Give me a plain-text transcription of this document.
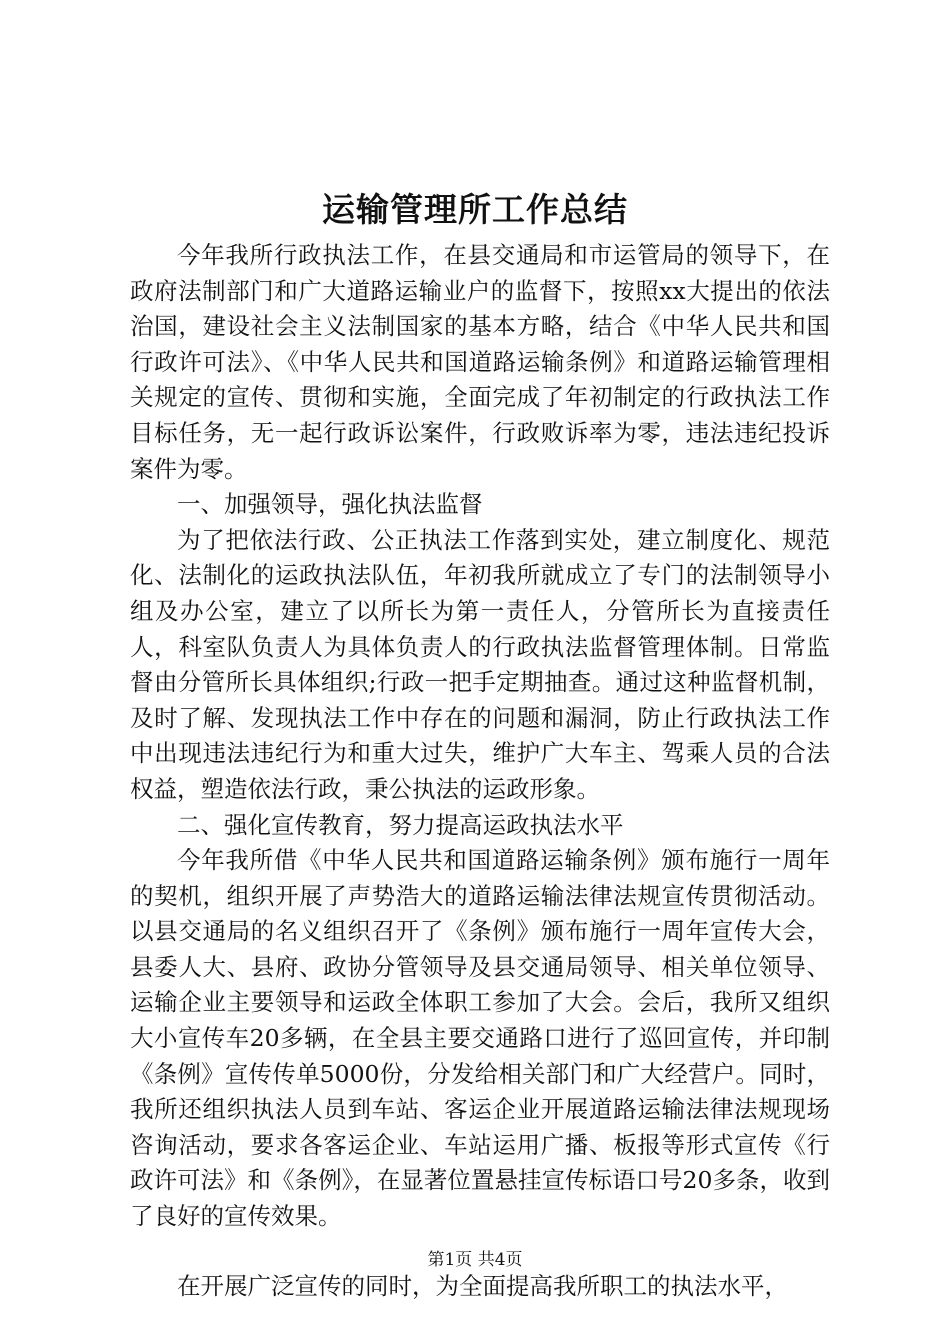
运输管理所工作总结

今年我所行政执法工作，在县交通局和市运管局的领导下，在政府法制部门和广大道路运输业户的监督下，按照xx大提出的依法治国，建设社会主义法制国家的基本方略，结合《中华人民共和国行政许可法》、《中华人民共和国道路运输条例》和道路运输管理相关规定的宣传、贯彻和实施，全面完成了年初制定的行政执法工作目标任务，无一起行政诉讼案件，行政败诉率为零，违法违纪投诉案件为零。

一、加强领导，强化执法监督

为了把依法行政、公正执法工作落到实处，建立制度化、规范化、法制化的运政执法队伍，年初我所就成立了专门的法制领导小组及办公室，建立了以所长为第一责任人，分管所长为直接责任人，科室队负责人为具体负责人的行政执法监督管理体制。日常监督由分管所长具体组织;行政一把手定期抽查。通过这种监督机制，及时了解、发现执法工作中存在的问题和漏洞，防止行政执法工作中出现违法违纪行为和重大过失，维护广大车主、驾乘人员的合法权益，塑造依法行政，秉公执法的运政形象。

二、强化宣传教育，努力提高运政执法水平

今年我所借《中华人民共和国道路运输条例》颁布施行一周年的契机，组织开展了声势浩大的道路运输法律法规宣传贯彻活动。以县交通局的名义组织召开了《条例》颁布施行一周年宣传大会，县委人大、县府、政协分管领导及县交通局领导、相关单位领导、运输企业主要领导和运政全体职工参加了大会。会后，我所又组织大小宣传车20多辆，在全县主要交通路口进行了巡回宣传，并印制《条例》宣传传单5000份，分发给相关部门和广大经营户。同时，我所还组织执法人员到车站、客运企业开展道路运输法律法规现场咨询活动，要求各客运企业、车站运用广播、板报等形式宣传《行政许可法》和《条例》，在显著位置悬挂宣传标语口号20多条，收到了良好的宣传效果。

在开展广泛宣传的同时，为全面提高我所职工的执法水平，

第1页 共4页
